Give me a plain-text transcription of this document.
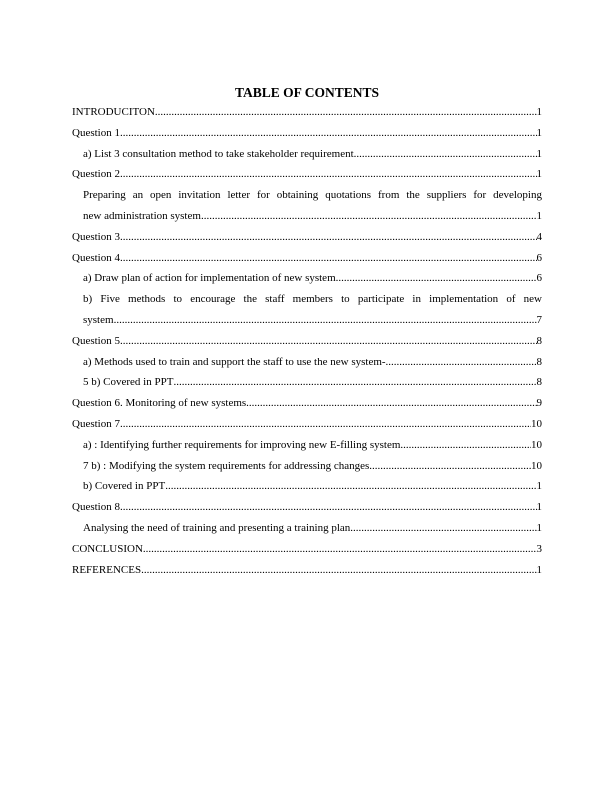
TABLE OF CONTENTS
INTRODUCITON .....	1
Question 1 .....	1
a) List 3 consultation method to take stakeholder requirement .....	1
Question 2 .....	1
Preparing an open invitation letter for obtaining quotations from the suppliers for developing
new administration system .....	1
Question 3 .....	4
Question 4 .....	6
a) Draw plan of action for implementation of new system .....	6
b) Five methods to encourage the staff members to participate in implementation of new
system .....	7
Question 5 .....	8
a) Methods used to train and support the staff to use the new system- .....	8
5 b) Covered in PPT .....	8
Question 6. Monitoring of new systems .....	9
Question 7 .....	10
a) : Identifying further requirements for improving new E-filling system .....	10
7 b) : Modifying the system requirements for addressing changes .....	10
b) Covered in PPT .....	1
Question 8 .....	1
Analysing the need of training and presenting a training plan .....	1
CONCLUSION .....	3
REFERENCES .....	1
